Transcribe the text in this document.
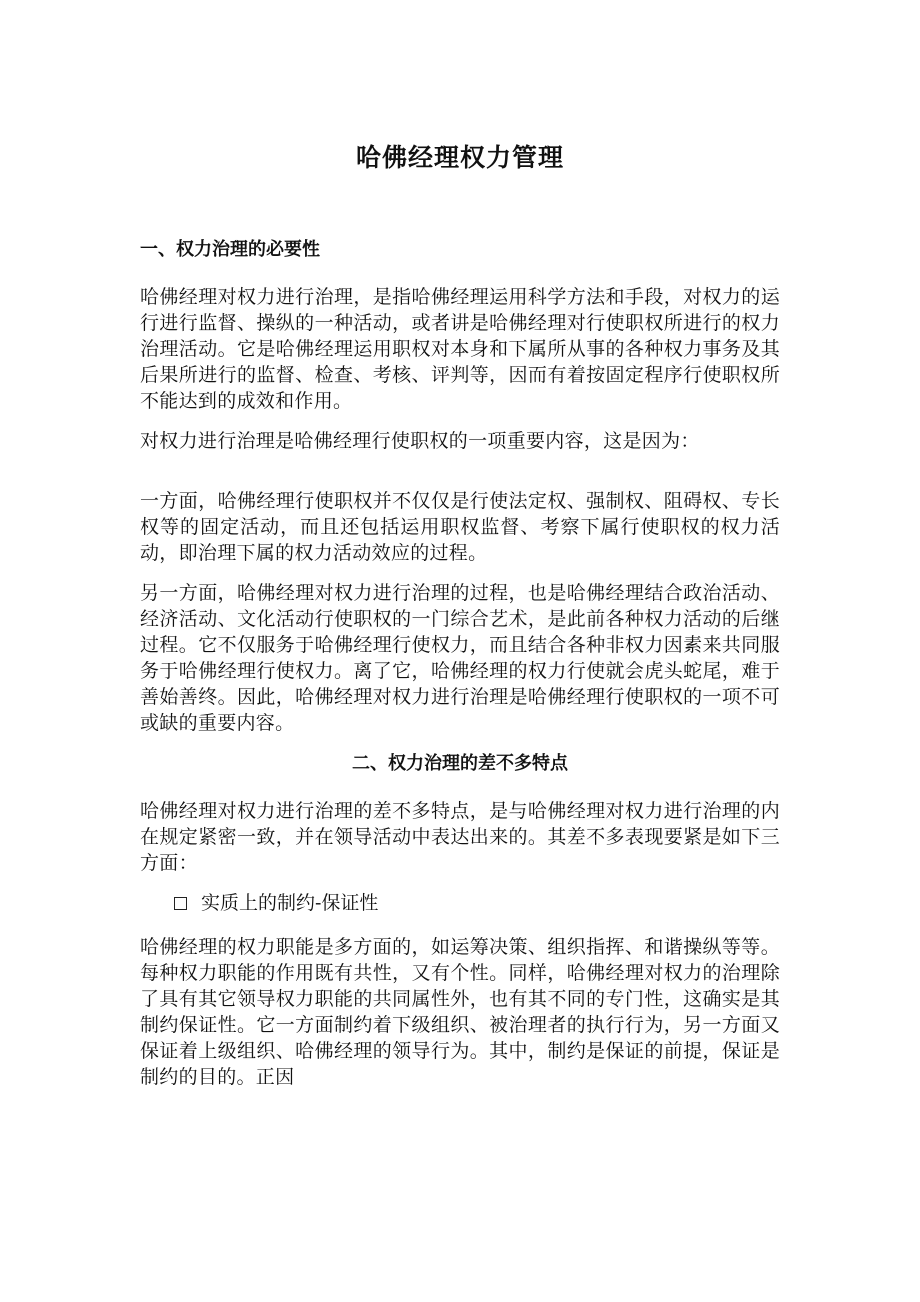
哈佛经理权力管理
一、权力治理的必要性

哈佛经理对权力进行治理，是指哈佛经理运用科学方法和手段，对权力的运行进行监督、操纵的一种活动，或者讲是哈佛经理对行使职权所进行的权力治理活动。它是哈佛经理运用职权对本身和下属所从事的各种权力事务及其后果所进行的监督、检查、考核、评判等，因而有着按固定程序行使职权所不能达到的成效和作用。

对权力进行治理是哈佛经理行使职权的一项重要内容，这是因为：

一方面，哈佛经理行使职权并不仅仅是行使法定权、强制权、阻碍权、专长权等的固定活动，而且还包括运用职权监督、考察下属行使职权的权力活动，即治理下属的权力活动效应的过程。

另一方面，哈佛经理对权力进行治理的过程，也是哈佛经理结合政治活动、经济活动、文化活动行使职权的一门综合艺术，是此前各种权力活动的后继过程。它不仅服务于哈佛经理行使权力，而且结合各种非权力因素来共同服务于哈佛经理行使权力。离了它，哈佛经理的权力行使就会虎头蛇尾，难于善始善终。因此，哈佛经理对权力进行治理是哈佛经理行使职权的一项不可或缺的重要内容。

二、权力治理的差不多特点

哈佛经理对权力进行治理的差不多特点，是与哈佛经理对权力进行治理的内在规定紧密一致，并在领导活动中表达出来的。其差不多表现要紧是如下三方面：

实质上的制约-保证性

哈佛经理的权力职能是多方面的，如运筹决策、组织指挥、和谐操纵等等。每种权力职能的作用既有共性，又有个性。同样，哈佛经理对权力的治理除了具有其它领导权力职能的共同属性外，也有其不同的专门性，这确实是其制约保证性。它一方面制约着下级组织、被治理者的执行行为，另一方面又保证着上级组织、哈佛经理的领导行为。其中，制约是保证的前提，保证是制约的目的。正因
